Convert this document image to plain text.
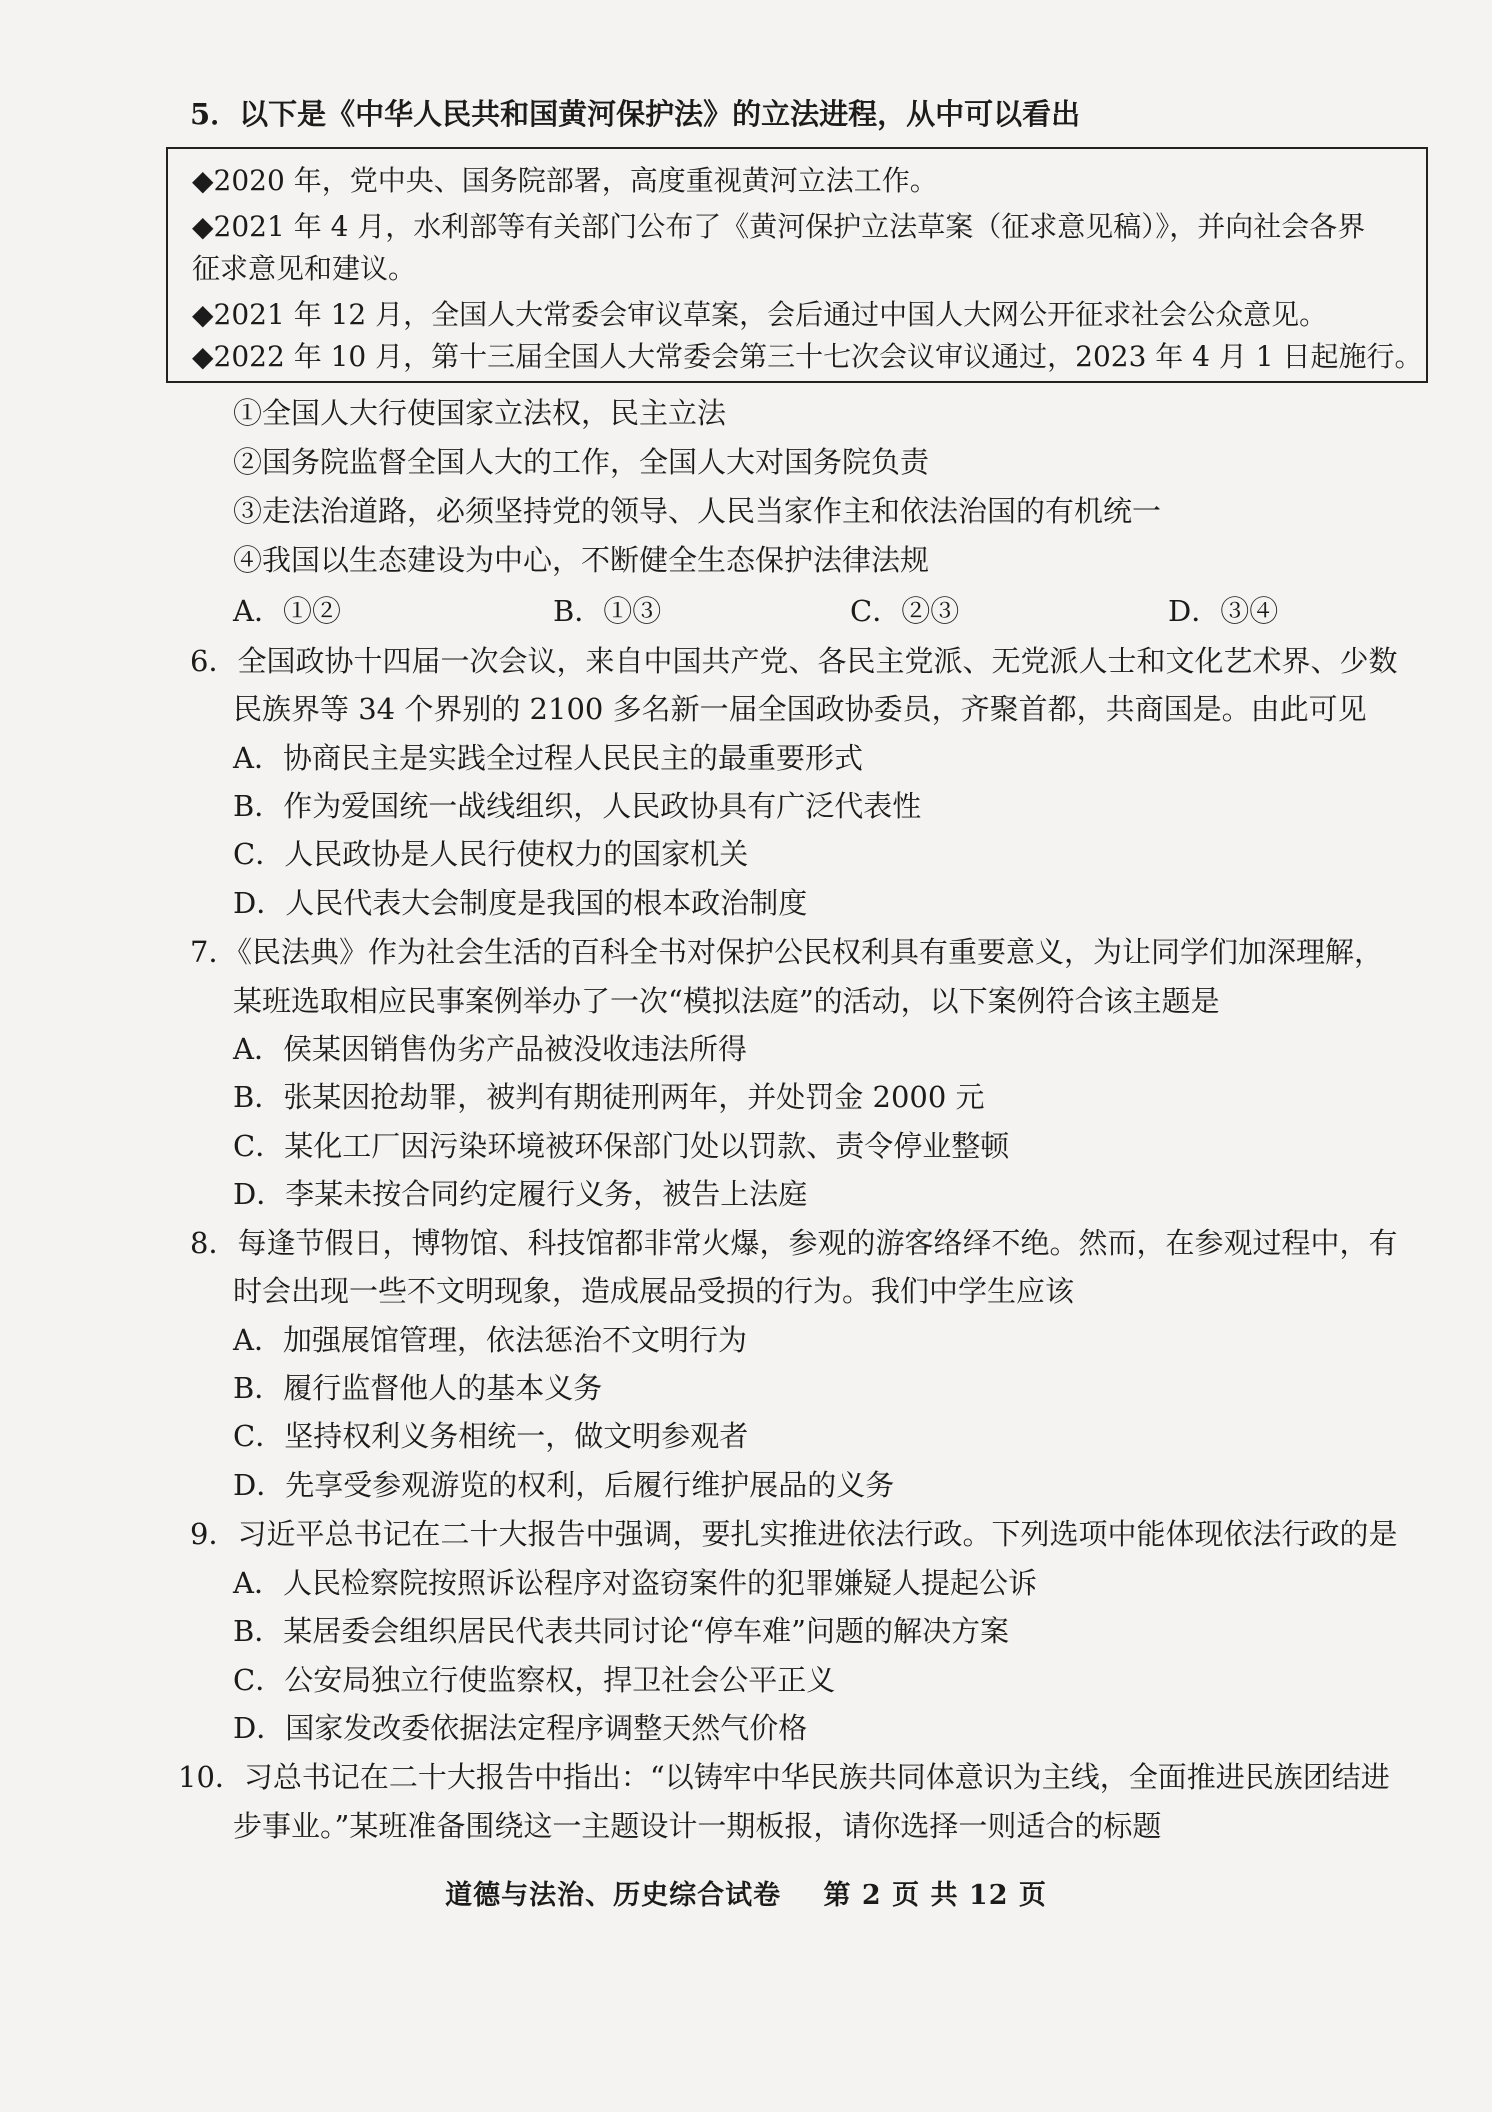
5．以下是《中华人民共和国黄河保护法》的立法进程，从中可以看出
◆2020 年，党中央、国务院部署，高度重视黄河立法工作。
◆2021 年 4 月，水利部等有关部门公布了《黄河保护立法草案（征求意见稿）》，并向社会各界
征求意见和建议。
◆2021 年 12 月，全国人大常委会审议草案，会后通过中国人大网公开征求社会公众意见。
◆2022 年 10 月，第十三届全国人大常委会第三十七次会议审议通过，2023 年 4 月 1 日起施行。
①全国人大行使国家立法权，民主立法
②国务院监督全国人大的工作，全国人大对国务院负责
③走法治道路，必须坚持党的领导、人民当家作主和依法治国的有机统一
④我国以生态建设为中心，不断健全生态保护法律法规
A．①②	B．①③	C．②③	D．③④
6．全国政协十四届一次会议，来自中国共产党、各民主党派、无党派人士和文化艺术界、少数
民族界等 34 个界别的 2100 多名新一届全国政协委员，齐聚首都，共商国是。由此可见
A．协商民主是实践全过程人民民主的最重要形式
B．作为爱国统一战线组织，人民政协具有广泛代表性
C．人民政协是人民行使权力的国家机关
D．人民代表大会制度是我国的根本政治制度
7．《民法典》作为社会生活的百科全书对保护公民权利具有重要意义，为让同学们加深理解，
某班选取相应民事案例举办了一次“模拟法庭”的活动，以下案例符合该主题是
A．侯某因销售伪劣产品被没收违法所得
B．张某因抢劫罪，被判有期徒刑两年，并处罚金 2000 元
C．某化工厂因污染环境被环保部门处以罚款、责令停业整顿
D．李某未按合同约定履行义务，被告上法庭
8．每逢节假日，博物馆、科技馆都非常火爆，参观的游客络绎不绝。然而，在参观过程中，有
时会出现一些不文明现象，造成展品受损的行为。我们中学生应该
A．加强展馆管理，依法惩治不文明行为
B．履行监督他人的基本义务
C．坚持权利义务相统一，做文明参观者
D．先享受参观游览的权利，后履行维护展品的义务
9．习近平总书记在二十大报告中强调，要扎实推进依法行政。下列选项中能体现依法行政的是
A．人民检察院按照诉讼程序对盗窃案件的犯罪嫌疑人提起公诉
B．某居委会组织居民代表共同讨论“停车难”问题的解决方案
C．公安局独立行使监察权，捍卫社会公平正义
D．国家发改委依据法定程序调整天然气价格
10．习总书记在二十大报告中指出：“以铸牢中华民族共同体意识为主线，全面推进民族团结进
步事业。”某班准备围绕这一主题设计一期板报，请你选择一则适合的标题
道德与法治、历史综合试卷 第 2 页 共 12 页
